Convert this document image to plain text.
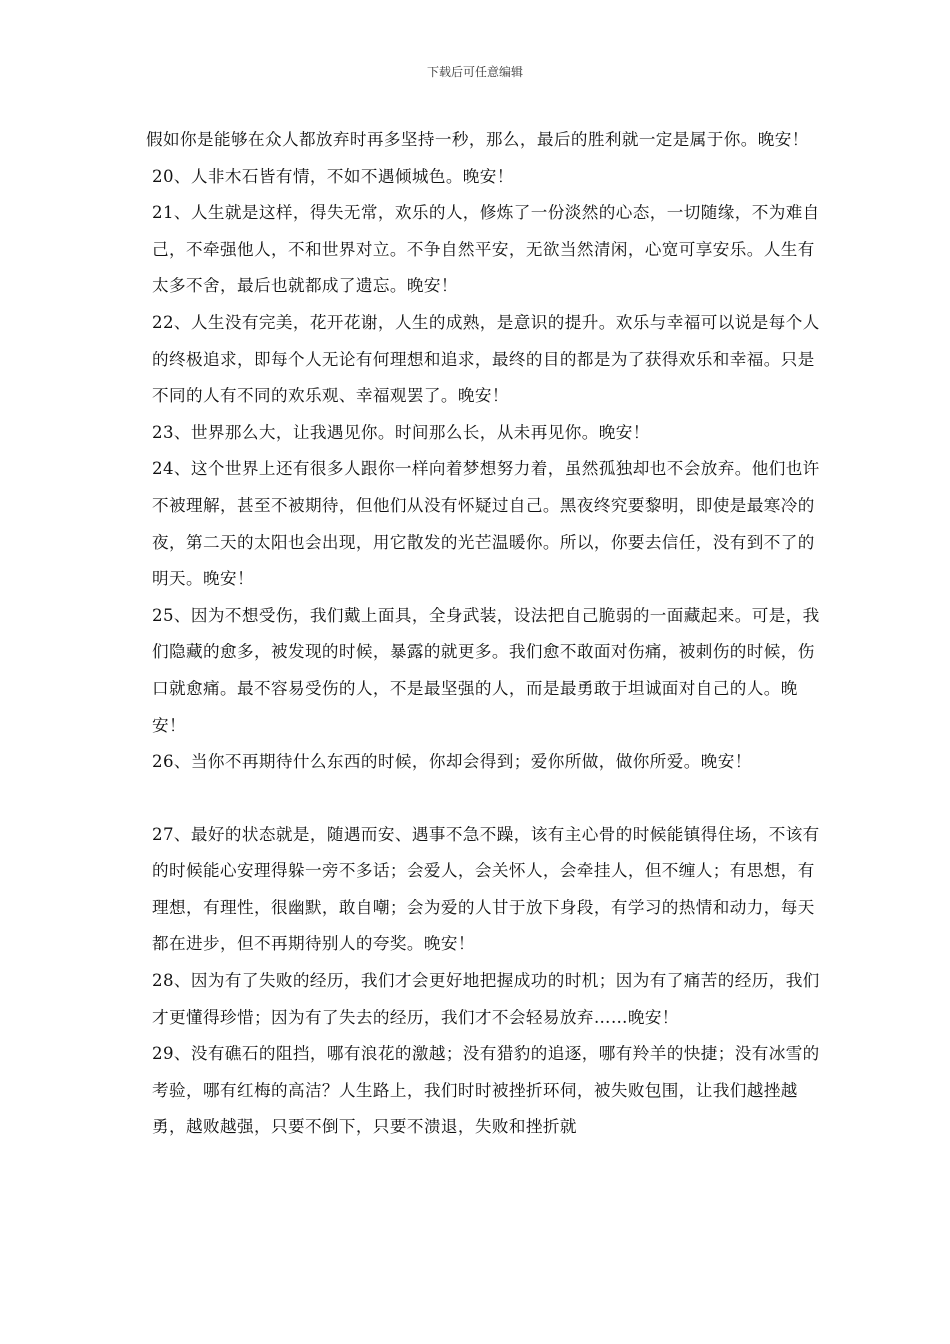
下载后可任意编辑

假如你是能够在众人都放弃时再多坚持一秒，那么，最后的胜利就一定是属于你。晚安！

20、人非木石皆有情，不如不遇倾城色。晚安！

21、人生就是这样，得失无常，欢乐的人，修炼了一份淡然的心态，一切随缘，不为难自己，不牵强他人，不和世界对立。不争自然平安，无欲当然清闲，心宽可享安乐。人生有太多不舍，最后也就都成了遗忘。晚安！

22、人生没有完美，花开花谢，人生的成熟，是意识的提升。欢乐与幸福可以说是每个人的终极追求，即每个人无论有何理想和追求，最终的目的都是为了获得欢乐和幸福。只是不同的人有不同的欢乐观、幸福观罢了。晚安！

23、世界那么大，让我遇见你。时间那么长，从未再见你。晚安！

24、这个世界上还有很多人跟你一样向着梦想努力着，虽然孤独却也不会放弃。他们也许不被理解，甚至不被期待，但他们从没有怀疑过自己。黑夜终究要黎明，即使是最寒冷的夜，第二天的太阳也会出现，用它散发的光芒温暖你。所以，你要去信任，没有到不了的明天。晚安！

25、因为不想受伤，我们戴上面具，全身武装，设法把自己脆弱的一面藏起来。可是，我们隐藏的愈多，被发现的时候，暴露的就更多。我们愈不敢面对伤痛，被刺伤的时候，伤口就愈痛。最不容易受伤的人，不是最坚强的人，而是最勇敢于坦诚面对自己的人。晚安！

26、当你不再期待什么东西的时候，你却会得到；爱你所做，做你所爱。晚安！

27、最好的状态就是，随遇而安、遇事不急不躁，该有主心骨的时候能镇得住场，不该有的时候能心安理得躲一旁不多话；会爱人，会关怀人，会牵挂人，但不缠人；有思想，有理想，有理性，很幽默，敢自嘲；会为爱的人甘于放下身段，有学习的热情和动力，每天都在进步，但不再期待别人的夸奖。晚安！

28、因为有了失败的经历，我们才会更好地把握成功的时机；因为有了痛苦的经历，我们才更懂得珍惜；因为有了失去的经历，我们才不会轻易放弃……晚安！

29、没有礁石的阻挡，哪有浪花的激越；没有猎豹的追逐，哪有羚羊的快捷；没有冰雪的考验，哪有红梅的高洁？人生路上，我们时时被挫折环伺，被失败包围，让我们越挫越勇，越败越强，只要不倒下，只要不溃退，失败和挫折就
